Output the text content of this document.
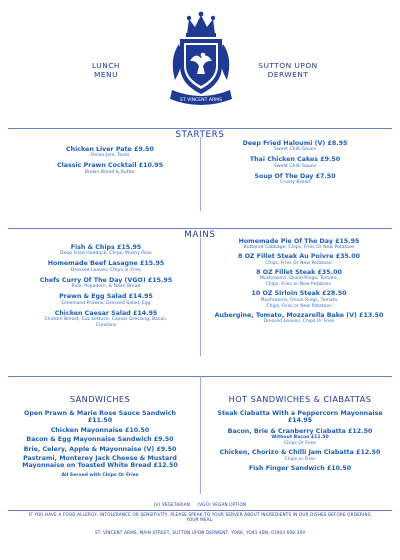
LUNCH
MENU
SUTTON UPON
DERWENT
ST VINCENT ARMS
STARTERS
Chicken Liver Pate £9.50
Onion Jam, Toast
Classic Prawn Cocktail £10.95
Brown Bread & Butter
Deep Fried Haloumi (V) £8.95
Sweet Chilli Sauce
Thai Chicken Cakes £9.50
Sweet Chilli Sauce
Soup Of The Day £7.50
Crusty Bread
MAINS
Fish & Chips £15.95
Deep Fried Haddock, Chips, Mushy Peas
Homemade Beef Lasagne £15.95
Dressed Leaves, Chips or Fries
Chefs Curry Of The Day (VGO) £15.95
Rice, Popadom, & Naan Bread
Prawn & Egg Salad £14.95
Greenland Prawns, Dressed Salad, Egg
Chicken Caesar Salad £14.95
Chicken Breast, Coz Lettuce, Caesar Dressing, Bacon, Croutons
Homemade Pie Of The Day £15.95
Buttered Cabbage, Chips, Fries Or New Potatoes
8 OZ Fillet Steak Au Poivre £35.00
Chips, Fries Or New Potatoes.
8 OZ Fillet Steak £35.00
Mushrooms, Onion Rings, Tomato,
Chips, Fries or New Potatoes.
10 OZ Sirloin Steak £28.50
Mushrooms, Onion Rings, Tomato
Chips, Fries or New Potatoes
Aubergine, Tomato, Mozzarella Bake (V) £13.50
Dressed Leaves, Chips Or Fries
SANDWICHES
Open Prawn & Marie Rose Sauce Sandwich £11.50
Chicken Mayonnaise £10.50
Bacon & Egg Mayonnaise Sandwich £9.50
Brie, Celery, Apple & Mayonnaise (V) £9.50
Pastrami, Monterey Jack Cheese & Mustard Mayonnaise on Toasted White Bread £12.50
All Served with Chips Or Fries
HOT SANDWICHES & CIABATTAS
Steak Ciabatta With a Peppercorn Mayonnaise £14.95
Bacon, Brie & Cranberry Ciabatta £12.50
Without Bacon £11.50
Chips Or Fries
Chicken, Chorizo & Chilli Jam Ciabatta £12.50
Chips or Fries
Fish Finger Sandwich £10.50
(V) VEGETARIAN (VGO) VEGAN OPTION
IF YOU HAVE A FOOD ALLERGY, INTOLERANCE OR SENSITIVITY, PLEASE SPEAK TO YOUR SERVER ABOUT INGREDIENTS IN OUR DISHES BEFORE ORDERING YOUR MEAL.
ST. VINCENT ARMS, MAIN STREET, SUTTON UPON DERWENT, YORK, YO41 4BN. 01904 608 349
